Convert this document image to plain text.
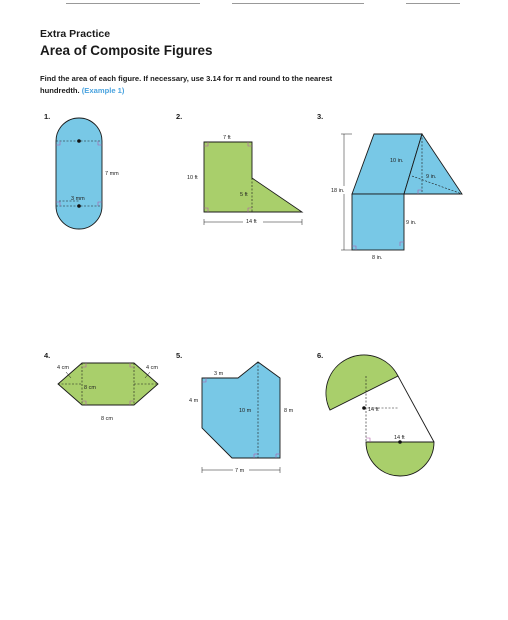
Extra Practice

Area of Composite Figures

Find the area of each figure. If necessary, use 3.14 for π and round to the nearest hundredth. (Example 1)
1.	2.	3.
4.	5.	6.
7 mm
3 mm
7 ft
10 ft
5 ft
14 ft
10 in.
9 in.
18 in.
9 in.
8 in.
4 cm	4 cm
8 cm
8 cm
3 m
4 m
10 m	8 m
7 m
14 ft
14 ft
